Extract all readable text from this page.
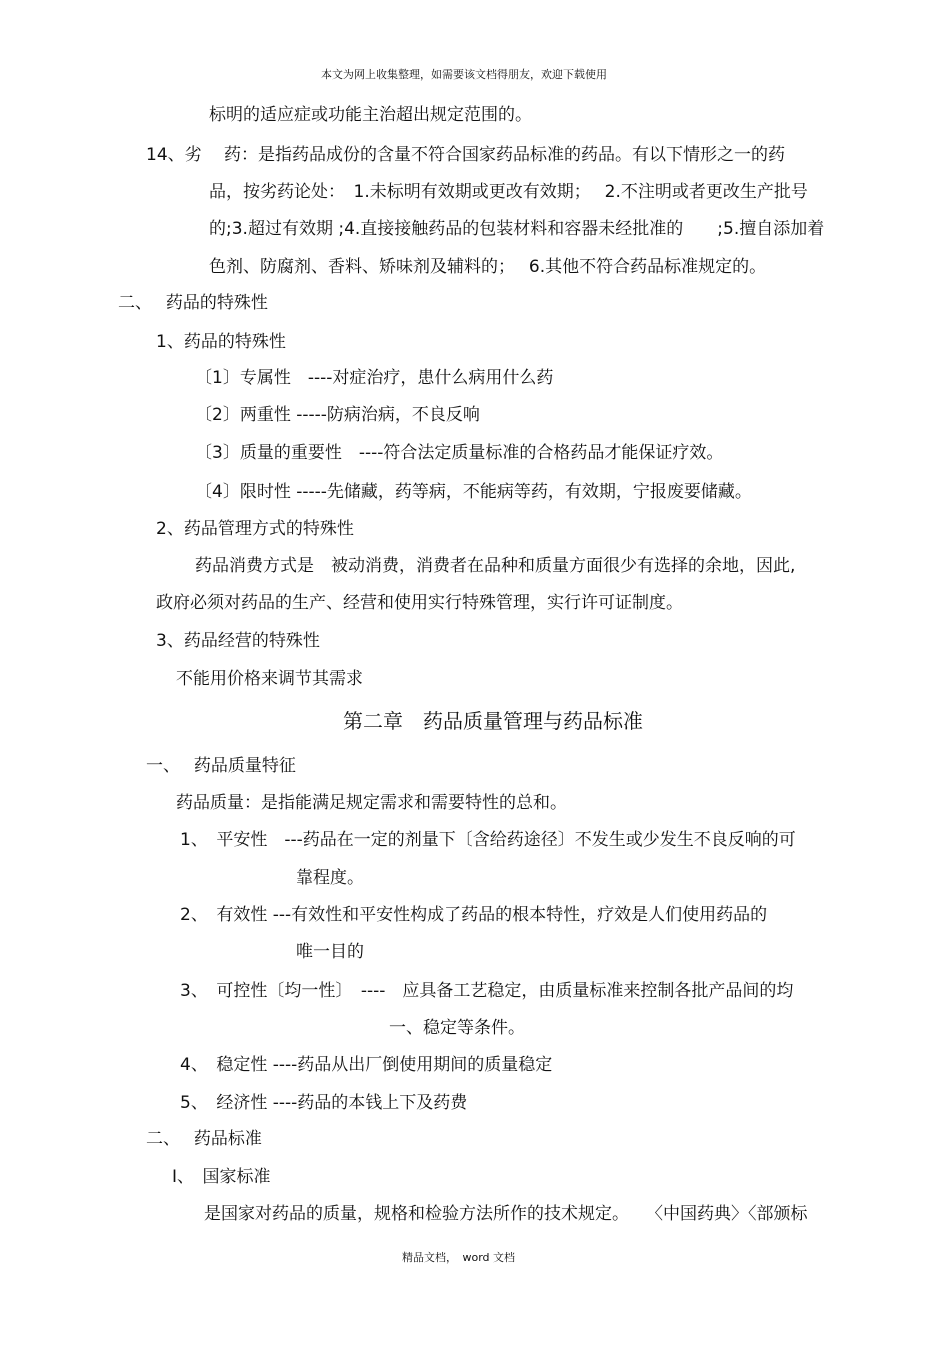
本文为网上收集整理，如需要该文档得朋友，欢迎下载使用
标明的适应症或功能主治超出规定范围的。
14、劣　 药：是指药品成份的含量不符合国家药品标准的药品。有以下情形之一的药
品，按劣药论处：　1.未标明有效期或更改有效期；　 2.不注明或者更改生产批号
的;3.超过有效期 ;4.直接接触药品的包装材料和容器未经批准的　　;5.擅自添加着
色剂、防腐剂、香料、矫味剂及辅料的；　 6.其他不符合药品标准规定的。
二、　 药品的特殊性
1、药品的特殊性
〔1〕专属性　----对症治疗，患什么病用什么药
〔2〕两重性 -----防病治病，不良反响
〔3〕质量的重要性　----符合法定质量标准的合格药品才能保证疗效。
〔4〕限时性 -----先储藏，药等病，不能病等药，有效期，宁报废要储藏。
2、药品管理方式的特殊性
药品消费方式是　被动消费，消费者在品种和质量方面很少有选择的余地，因此,
政府必须对药品的生产、经营和使用实行特殊管理，实行许可证制度。
3、药品经营的特殊性
不能用价格来调节其需求
第二章　药品质量管理与药品标准
一、　 药品质量特征
药品质量：是指能满足规定需求和需要特性的总和。
1、　平安性　---药品在一定的剂量下〔含给药途径〕不发生或少发生不良反响的可
靠程度。
2、　有效性 ---有效性和平安性构成了药品的根本特性，疗效是人们使用药品的
唯一目的
3、　可控性〔均一性〕　----　应具备工艺稳定，由质量标准来控制各批产品间的均
一、稳定等条件。
4、　稳定性 ----药品从出厂倒使用期间的质量稳定
5、　经济性 ----药品的本钱上下及药费
二、　 药品标准
Ⅰ、　国家标准
是国家对药品的质量，规格和检验方法所作的技术规定。　　〈中国药典〉〈部颁标
精品文档，　word 文档
